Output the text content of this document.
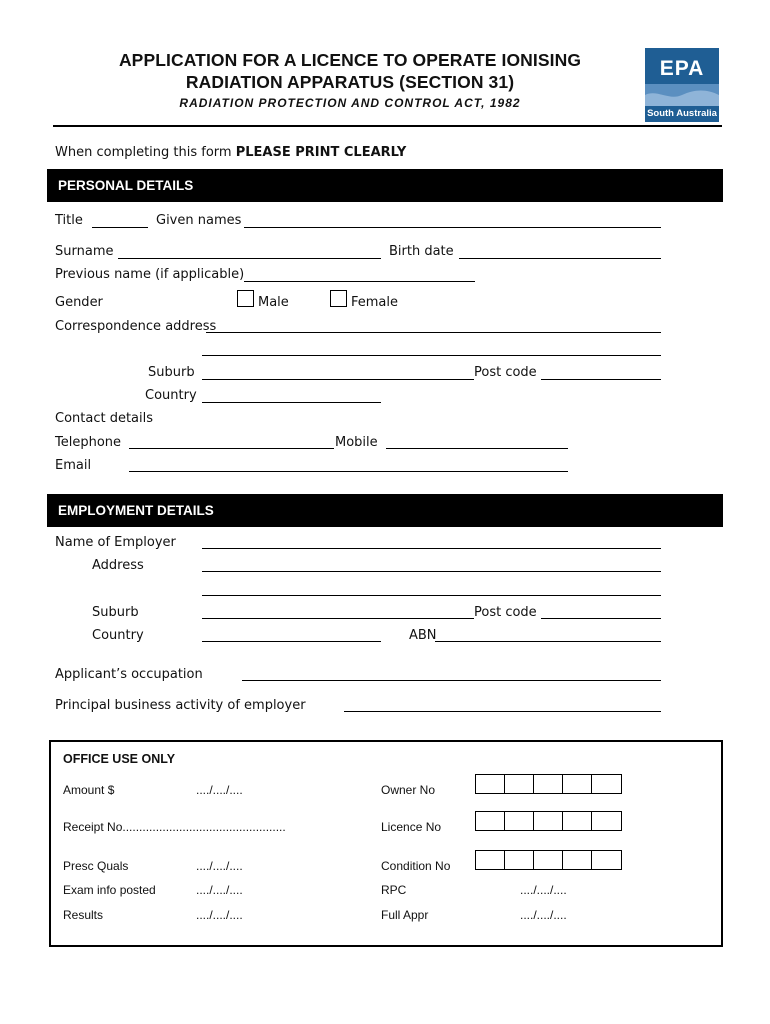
APPLICATION FOR A LICENCE TO OPERATE IONISING
RADIATION APPARATUS (SECTION 31)
RADIATION PROTECTION AND CONTROL ACT, 1982
EPA
South Australia
When completing this form PLEASE PRINT CLEARLY
PERSONAL DETAILS
Title	Given names
Surname	Birth date
Previous name (if applicable)
Gender	Male	Female
Correspondence address
Suburb	Post code
Country
Contact details
Telephone	Mobile
Email
EMPLOYMENT DETAILS
Name of Employer
Address
Suburb	Post code
Country	ABN
Applicant’s occupation
Principal business activity of employer
OFFICE USE ONLY
Amount $	..../..../....	Owner No
Receipt No.................................................	Licence No
Presc Quals	..../..../....	Condition No
Exam info posted	..../..../....	RPC	..../..../....
Results	..../..../....	Full Appr	..../..../....
